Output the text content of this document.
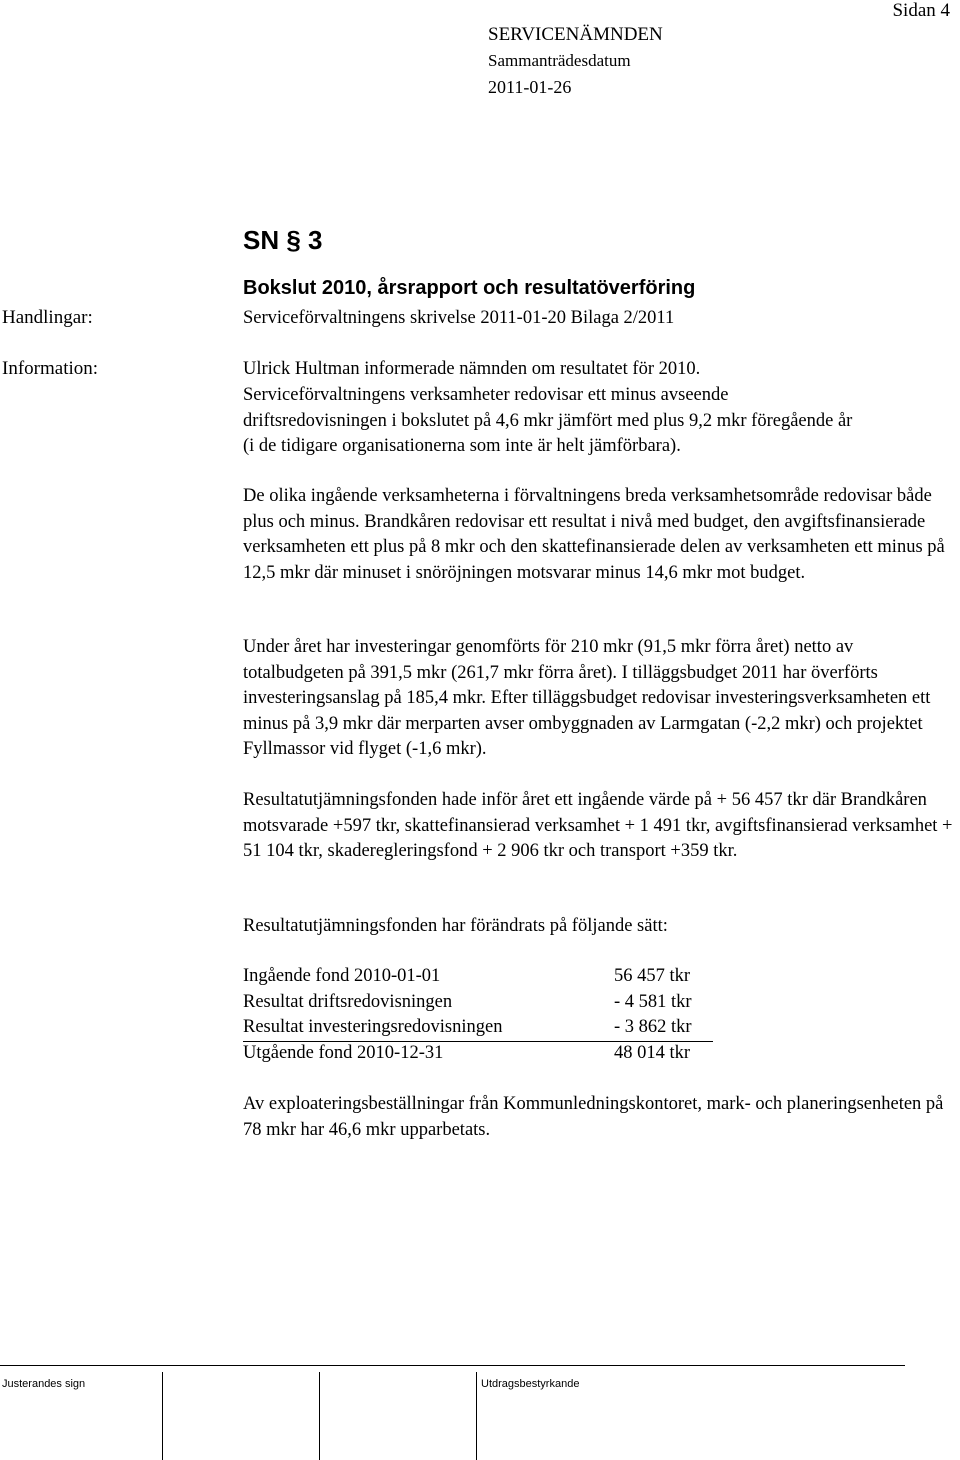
Sidan 4
SERVICENÄMNDEN
Sammanträdesdatum
2011-01-26
SN § 3
Bokslut 2010, årsrapport och resultatöverföring
Handlingar:	Serviceförvaltningens skrivelse 2011-01-20 Bilaga 2/2011
Information:	Ulrick Hultman informerade nämnden om resultatet för 2010.
Serviceförvaltningens verksamheter redovisar ett minus avseende
driftsredovisningen i bokslutet på 4,6 mkr jämfört med plus 9,2 mkr föregående år
(i de tidigare organisationerna som inte är helt jämförbara).
De olika ingående verksamheterna i förvaltningens breda verksamhetsområde redovisar både plus och minus. Brandkåren redovisar ett resultat i nivå med budget, den avgiftsfinansierade verksamheten ett plus på 8 mkr och den skattefinansierade delen av verksamheten ett minus på 12,5 mkr där minuset i snöröjningen motsvarar minus 14,6 mkr mot budget.
Under året har investeringar genomförts för 210 mkr (91,5 mkr förra året) netto av totalbudgeten på 391,5 mkr (261,7 mkr förra året). I tilläggsbudget 2011 har överförts investeringsanslag på 185,4 mkr. Efter tilläggsbudget redovisar investeringsverksamheten ett minus på 3,9 mkr där merparten avser ombyggnaden av Larmgatan (-2,2 mkr) och projektet Fyllmassor vid flyget (-1,6 mkr).
Resultatutjämningsfonden hade inför året ett ingående värde på + 56 457 tkr där Brandkåren motsvarade +597 tkr, skattefinansierad verksamhet + 1 491 tkr, avgiftsfinansierad verksamhet + 51 104 tkr, skaderegleringsfond + 2 906 tkr och transport +359 tkr.
Resultatutjämningsfonden har förändrats på följande sätt:
Ingående fond 2010-01-01	56 457 tkr
Resultat driftsredovisningen	- 4 581 tkr
Resultat investeringsredovisningen	- 3 862 tkr
Utgående fond 2010-12-31	48 014 tkr
Av exploateringsbeställningar från Kommunledningskontoret, mark- och planeringsenheten på 78 mkr har 46,6 mkr upparbetats.
Justerandes sign	Utdragsbestyrkande
